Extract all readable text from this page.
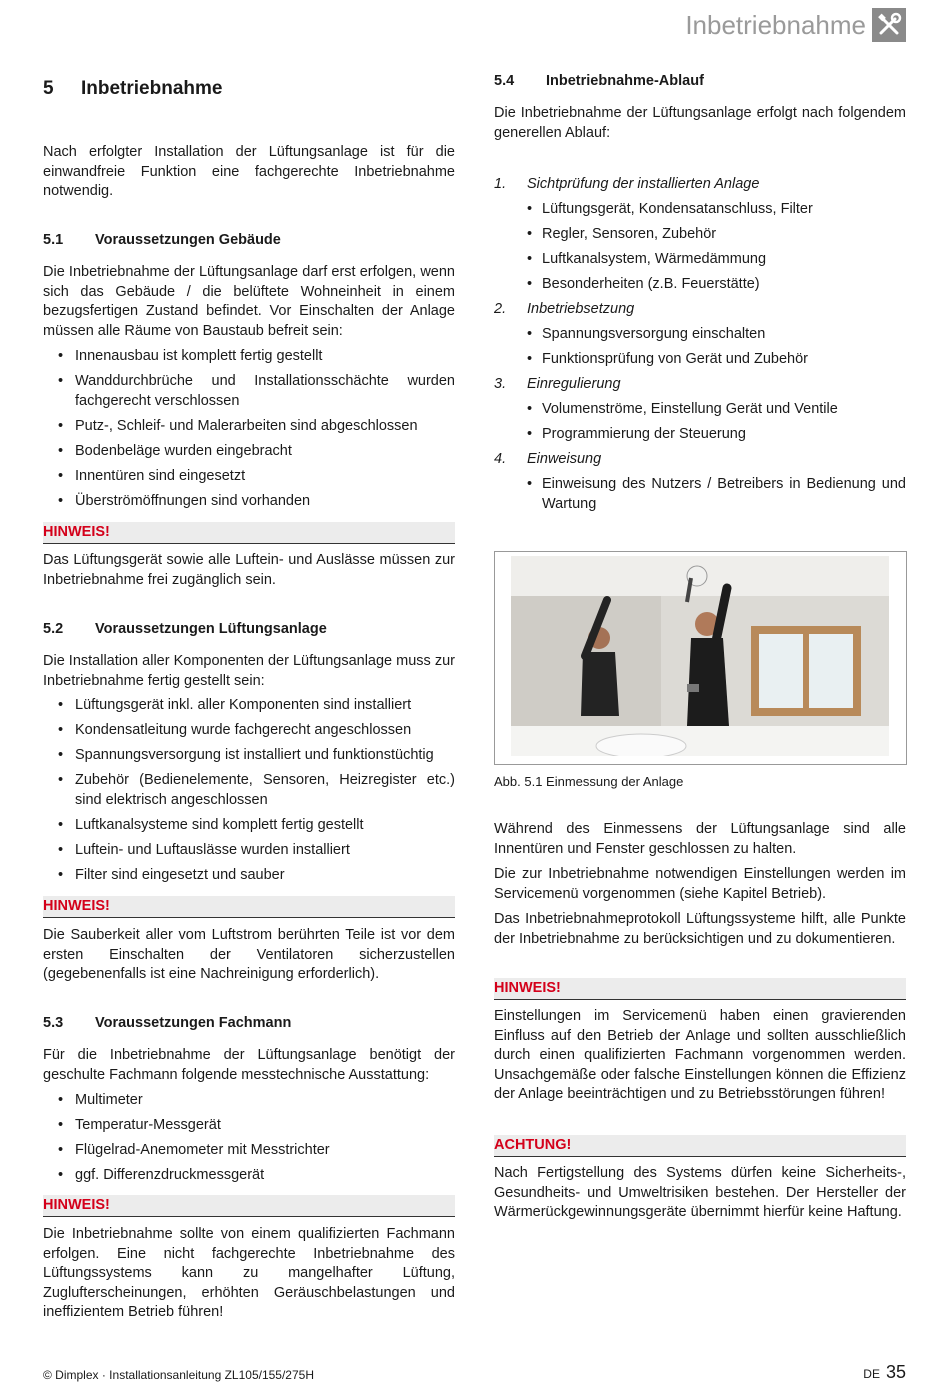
Inbetriebnahme
5 Inbetriebnahme

Nach erfolgter Installation der Lüftungsanlage ist für die einwandfreie Funktion eine fachgerechte Inbetriebnahme notwendig.

5.1 Voraussetzungen Gebäude

Die Inbetriebnahme der Lüftungsanlage darf erst erfolgen, wenn sich das Gebäude / die belüftete Wohneinheit in einem bezugsfertigen Zustand befindet. Vor Einschalten der Anlage müssen alle Räume von Baustaub befreit sein:

• Innenausbau ist komplett fertig gestellt
• Wanddurchbrüche und Installationsschächte wurden fachgerecht verschlossen
• Putz-, Schleif- und Malerarbeiten sind abgeschlossen
• Bodenbeläge wurden eingebracht
• Innentüren sind eingesetzt
• Überströmöffnungen sind vorhanden
HINWEIS!

Das Lüftungsgerät sowie alle Luftein- und Auslässe müssen zur Inbetriebnahme frei zugänglich sein.

5.2 Voraussetzungen Lüftungsanlage

Die Installation aller Komponenten der Lüftungsanlage muss zur Inbetriebnahme fertig gestellt sein:

• Lüftungsgerät inkl. aller Komponenten sind installiert
• Kondensatleitung wurde fachgerecht angeschlossen
• Spannungsversorgung ist installiert und funktionstüchtig
• Zubehör (Bedienelemente, Sensoren, Heizregister etc.) sind elektrisch angeschlossen
• Luftkanalsysteme sind komplett fertig gestellt
• Luftein- und Luftauslässe wurden installiert
• Filter sind eingesetzt und sauber
HINWEIS!

Die Sauberkeit aller vom Luftstrom berührten Teile ist vor dem ersten Einschalten der Ventilatoren sicherzustellen (gegebenenfalls ist eine Nachreinigung erforderlich).

5.3 Voraussetzungen Fachmann

Für die Inbetriebnahme der Lüftungsanlage benötigt der geschulte Fachmann folgende messtechnische Ausstattung:

• Multimeter
• Temperatur-Messgerät
• Flügelrad-Anemometer mit Messtrichter
• ggf. Differenzdruckmessgerät
HINWEIS!

Die Inbetriebnahme sollte von einem qualifizierten Fachmann erfolgen. Eine nicht fachgerechte Inbetriebnahme des Lüftungssystems kann zu mangelhafter Lüftung, Zuglufterscheinungen, erhöhten Geräuschbelastungen und ineffizientem Betrieb führen!

5.4 Inbetriebnahme-Ablauf

Die Inbetriebnahme der Lüftungsanlage erfolgt nach folgendem generellen Ablauf:

1. Sichtprüfung der installierten Anlage
• Lüftungsgerät, Kondensatanschluss, Filter
• Regler, Sensoren, Zubehör
• Luftkanalsystem, Wärmedämmung
• Besonderheiten (z.B. Feuerstätte)
2. Inbetriebsetzung
• Spannungsversorgung einschalten
• Funktionsprüfung von Gerät und Zubehör
3. Einregulierung
• Volumenströme, Einstellung Gerät und Ventile
• Programmierung der Steuerung
4. Einweisung
• Einweisung des Nutzers / Betreibers in Bedienung und Wartung
Abb. 5.1 Einmessung der Anlage

Während des Einmessens der Lüftungsanlage sind alle Innentüren und Fenster geschlossen zu halten.

Die zur Inbetriebnahme notwendigen Einstellungen werden im Servicemenü vorgenommen (siehe Kapitel Betrieb).

Das Inbetriebnahmeprotokoll Lüftungssysteme hilft, alle Punkte der Inbetriebnahme zu berücksichtigen und zu dokumentieren.

HINWEIS!

Einstellungen im Servicemenü haben einen gravierenden Einfluss auf den Betrieb der Anlage und sollten ausschließlich durch einen qualifizierten Fachmann vorgenommen werden. Unsachgemäße oder falsche Einstellungen können die Effizienz der Anlage beeinträchtigen und zu Betriebsstörungen führen!

ACHTUNG!

Nach Fertigstellung des Systems dürfen keine Sicherheits-, Gesundheits- und Umweltrisiken bestehen. Der Hersteller der Wärmerückgewinnungsgeräte übernimmt hierfür keine Haftung.

© Dimplex · Installationsanleitung ZL105/155/275H	DE 35
